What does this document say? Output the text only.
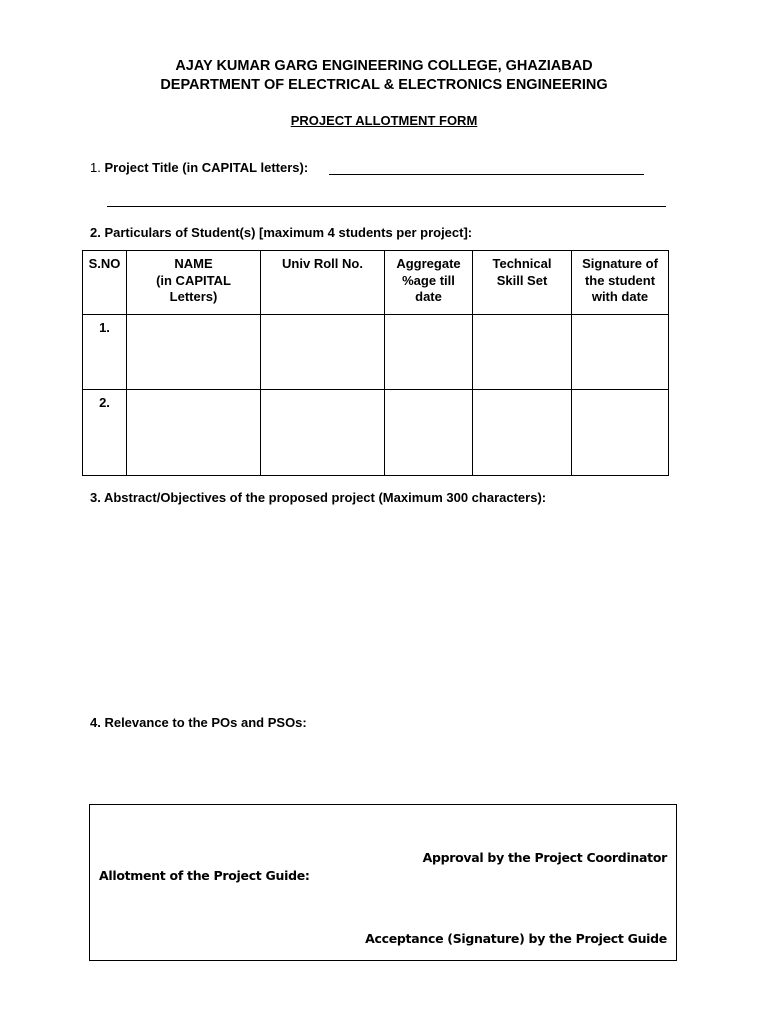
AJAY KUMAR GARG ENGINEERING COLLEGE, GHAZIABAD
DEPARTMENT OF ELECTRICAL & ELECTRONICS ENGINEERING
PROJECT ALLOTMENT FORM
1. Project Title (in CAPITAL letters):
2. Particulars of Student(s) [maximum 4 students per project]:
S.NO	NAME
(in CAPITAL
Letters)	Univ Roll No.	Aggregate
%age till
date	Technical
Skill Set	Signature of
the student
with date
1.					
2.					
3. Abstract/Objectives of the proposed project (Maximum 300 characters):
4. Relevance to the POs and PSOs:
Allotment of the Project Guide:
Approval by the Project Coordinator
Acceptance (Signature) by the Project Guide
